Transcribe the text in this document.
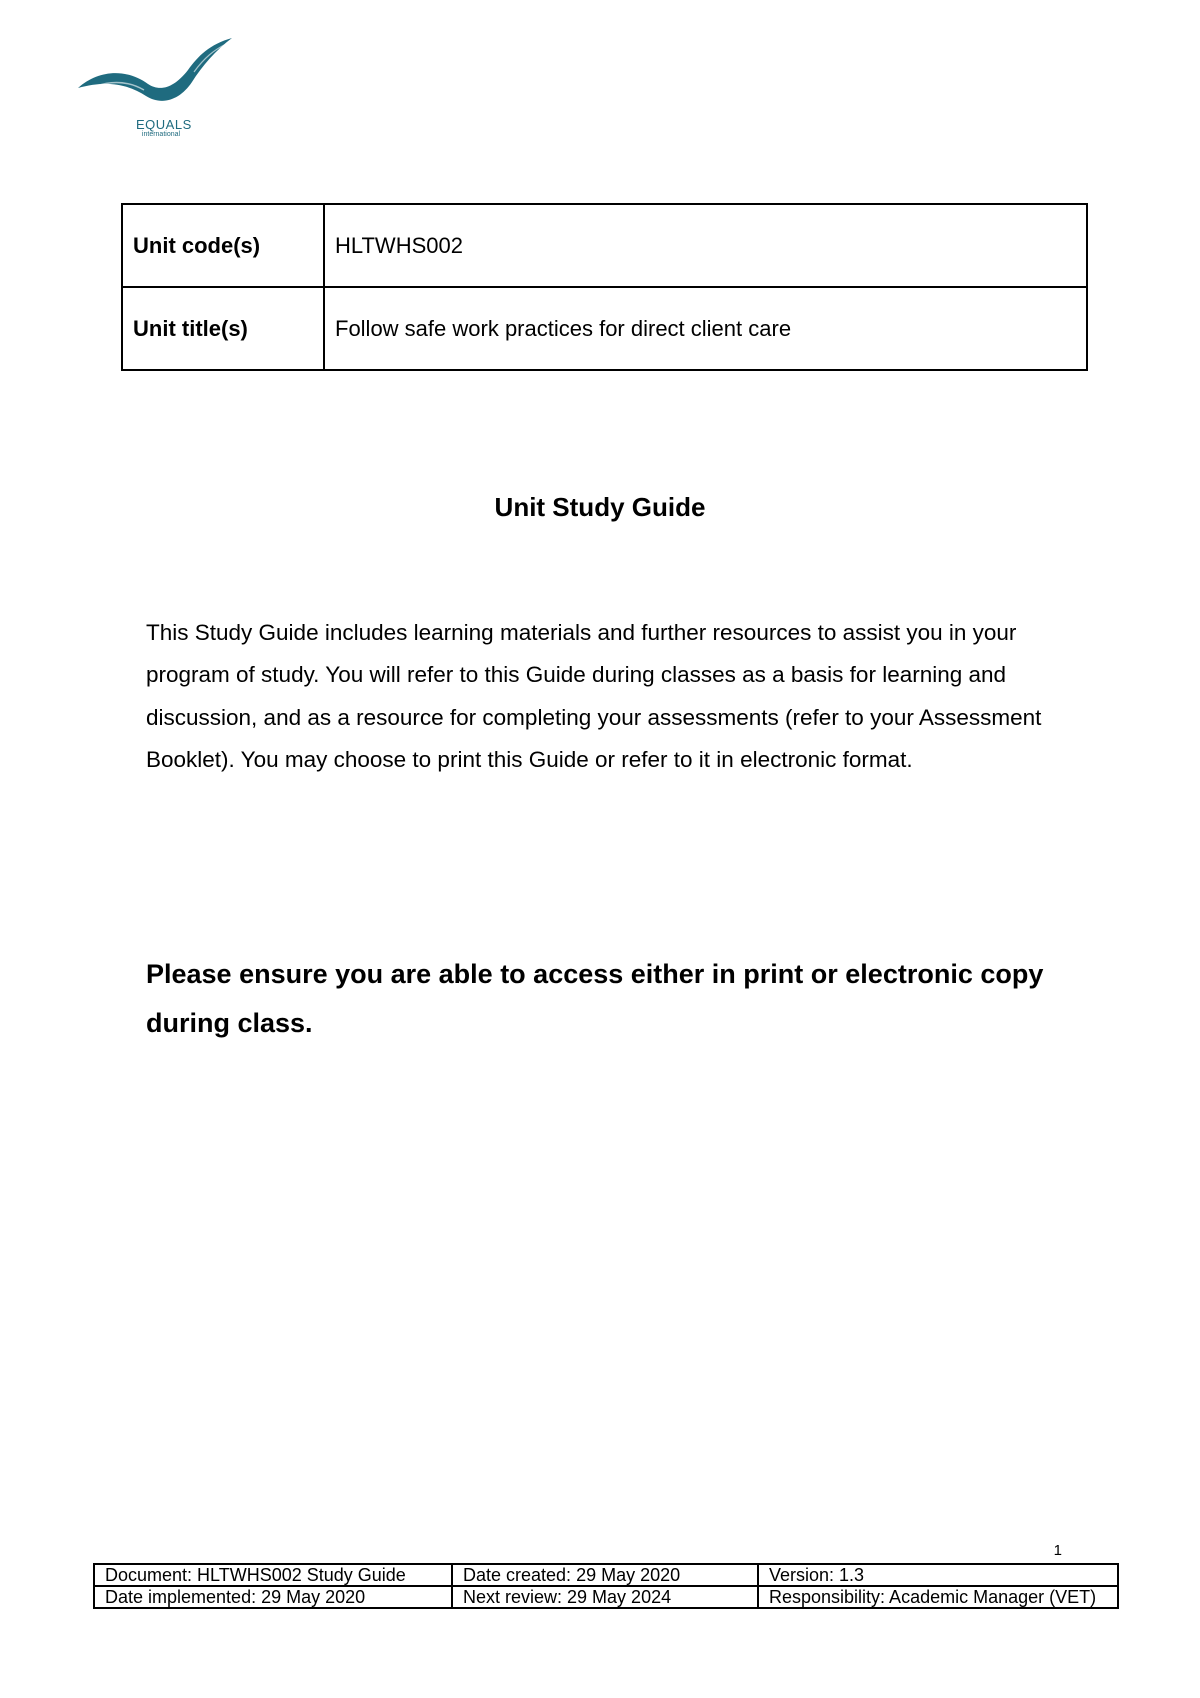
EQUALS
international
Unit code(s)	HLTWHS002
Unit title(s)	Follow safe work practices for direct client care
Unit Study Guide

This Study Guide includes learning materials and further resources to assist you in your program of study. You will refer to this Guide during classes as a basis for learning and discussion, and as a resource for completing your assessments (refer to your Assessment Booklet). You may choose to print this Guide or refer to it in electronic format.

Please ensure you are able to access either in print or electronic copy during class.

1
Document: HLTWHS002 Study Guide	Date created: 29 May 2020	Version: 1.3
Date implemented: 29 May 2020	Next review: 29 May 2024	Responsibility: Academic Manager (VET)
